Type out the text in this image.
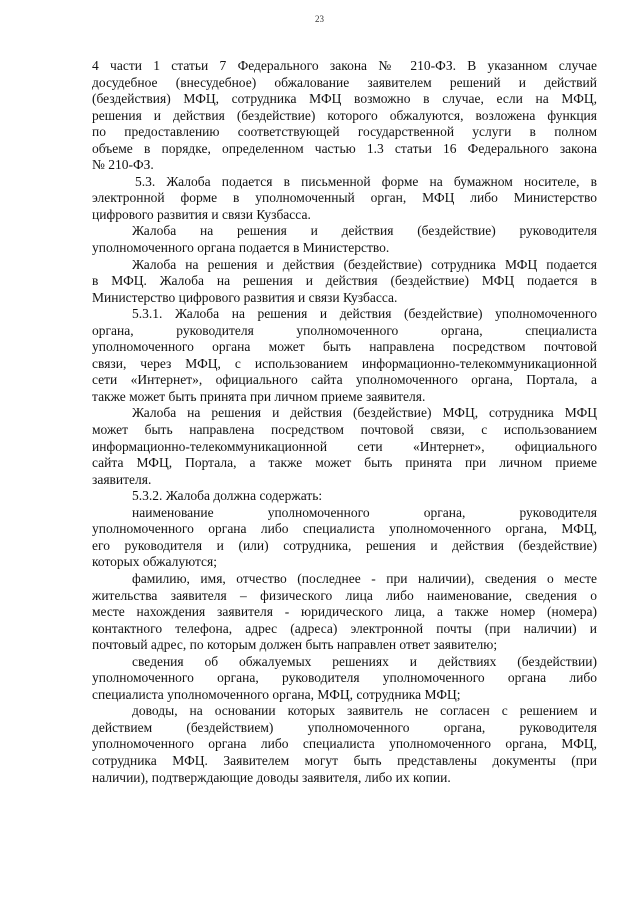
23
4 части 1 статьи 7 Федерального закона № 210-ФЗ. В указанном случае
досудебное (внесудебное) обжалование заявителем решений и действий
(бездействия) МФЦ, сотрудника МФЦ возможно в случае, если на МФЦ,
решения и действия (бездействие) которого обжалуются, возложена функция
по предоставлению соответствующей государственной услуги в полном
объеме в порядке, определенном частью 1.3 статьи 16 Федерального закона
№ 210-ФЗ.
5.3. Жалоба подается в письменной форме на бумажном носителе, в
электронной форме в уполномоченный орган, МФЦ либо Министерство
цифрового развития и связи Кузбасса.
Жалоба на решения и действия (бездействие) руководителя
уполномоченного органа подается в Министерство.
Жалоба на решения и действия (бездействие) сотрудника МФЦ подается
в МФЦ. Жалоба на решения и действия (бездействие) МФЦ подается в
Министерство цифрового развития и связи Кузбасса.
5.3.1. Жалоба на решения и действия (бездействие) уполномоченного
органа, руководителя уполномоченного органа, специалиста
уполномоченного органа может быть направлена посредством почтовой
связи, через МФЦ, с использованием информационно-телекоммуникационной
сети «Интернет», официального сайта уполномоченного органа, Портала, а
также может быть принята при личном приеме заявителя.
Жалоба на решения и действия (бездействие) МФЦ, сотрудника МФЦ
может быть направлена посредством почтовой связи, с использованием
информационно-телекоммуникационной сети «Интернет», официального
сайта МФЦ, Портала, а также может быть принята при личном приеме
заявителя.
5.3.2. Жалоба должна содержать:
наименование уполномоченного органа, руководителя
уполномоченного органа либо специалиста уполномоченного органа, МФЦ,
его руководителя и (или) сотрудника, решения и действия (бездействие)
которых обжалуются;
фамилию, имя, отчество (последнее - при наличии), сведения о месте
жительства заявителя – физического лица либо наименование, сведения о
месте нахождения заявителя - юридического лица, а также номер (номера)
контактного телефона, адрес (адреса) электронной почты (при наличии) и
почтовый адрес, по которым должен быть направлен ответ заявителю;
сведения об обжалуемых решениях и действиях (бездействии)
уполномоченного органа, руководителя уполномоченного органа либо
специалиста уполномоченного органа, МФЦ, сотрудника МФЦ;
доводы, на основании которых заявитель не согласен с решением и
действием (бездействием) уполномоченного органа, руководителя
уполномоченного органа либо специалиста уполномоченного органа, МФЦ,
сотрудника МФЦ. Заявителем могут быть представлены документы (при
наличии), подтверждающие доводы заявителя, либо их копии.
